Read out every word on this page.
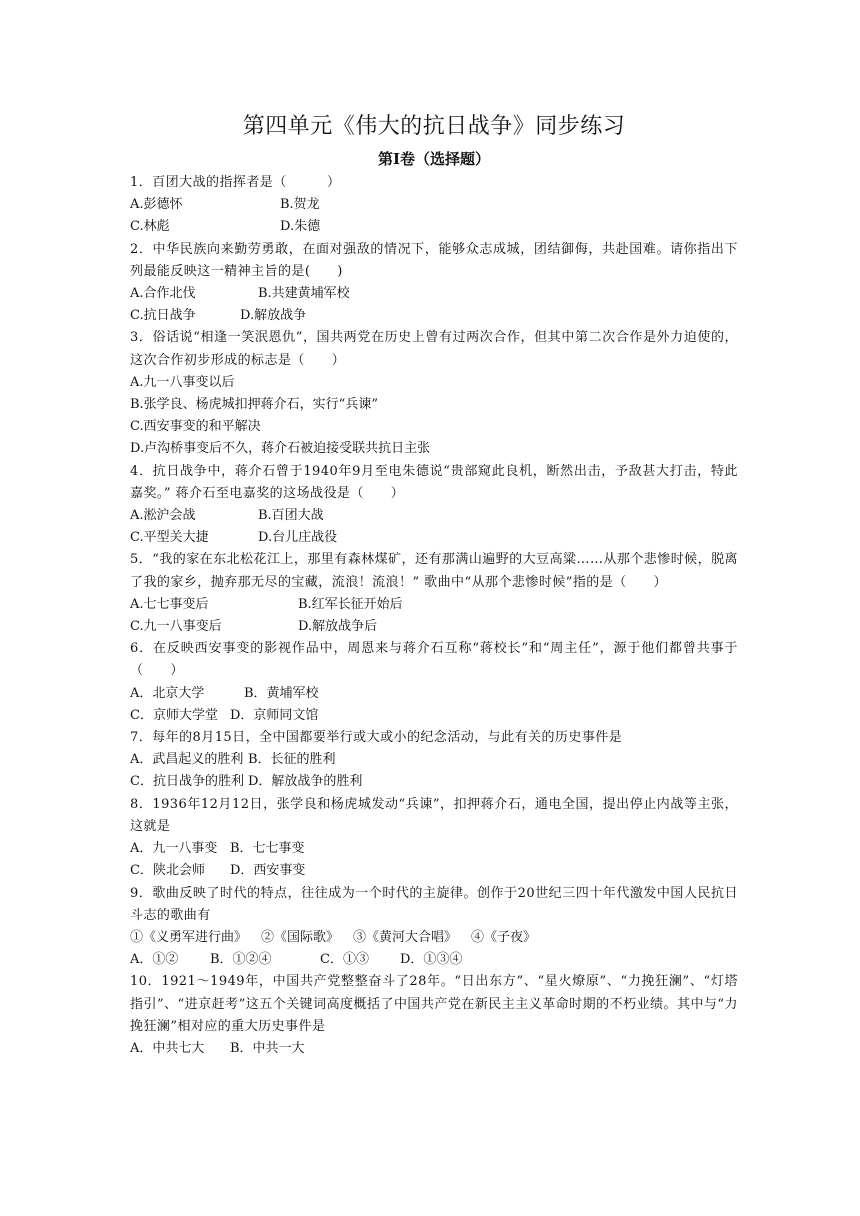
第四单元《伟大的抗日战争》同步练习
第Ⅰ卷（选择题）
1．百团大战的指挥者是（　　　）
A.彭德怀	B.贺龙
C.林彪	D.朱德
2．中华民族向来勤劳勇敢，在面对强敌的情况下，能够众志成城，团结御侮，共赴国难。请你指出下列最能反映这一精神主旨的是(　　)
A.合作北伐	B.共建黄埔军校
C.抗日战争	D.解放战争
3．俗话说“相逢一笑泯恩仇”，国共两党在历史上曾有过两次合作，但其中第二次合作是外力迫使的，这次合作初步形成的标志是（　　）
A.九一八事变以后
B.张学良、杨虎城扣押蒋介石，实行“兵谏”
C.西安事变的和平解决
D.卢沟桥事变后不久，蒋介石被迫接受联共抗日主张
4．抗日战争中，蒋介石曾于1940年9月至电朱德说“贵部窥此良机，断然出击，予敌甚大打击，特此嘉奖。” 蒋介石至电嘉奖的这场战役是（　　）
A.淞沪会战	B.百团大战
C.平型关大捷	D.台儿庄战役
5．“我的家在东北松花江上，那里有森林煤矿，还有那满山遍野的大豆高粱……从那个悲惨时候，脱离了我的家乡，抛弃那无尽的宝藏，流浪！流浪！” 歌曲中“从那个悲惨时候”指的是（　　）
A.七七事变后	B.红军长征开始后
C.九一八事变后	D.解放战争后
6．在反映西安事变的影视作品中，周恩来与蒋介石互称“蒋校长”和“周主任”，源于他们都曾共事于（　　）
A．北京大学	B．黄埔军校
C．京师大学堂 D．京师同文馆
7．每年的8月15日，全中国都要举行或大或小的纪念活动，与此有关的历史事件是
A．武昌起义的胜利 B．长征的胜利
C．抗日战争的胜利 D．解放战争的胜利
8．1936年12月12日，张学良和杨虎城发动“兵谏”，扣押蒋介石，通电全国，提出停止内战等主张，这就是
A．九一八事变 B．七七事变
C．陕北会师 D．西安事变
9．歌曲反映了时代的特点，往往成为一个时代的主旋律。创作于20世纪三四十年代激发中国人民抗日斗志的歌曲有
①《义勇军进行曲》 ②《国际歌》 ③《黄河大合唱》 ④《子夜》
A．①② B．①②④	C．①③ D．①③④
10．1921～1949年，中国共产党整整奋斗了28年。“日出东方”、“星火燎原”、“力挽狂澜”、“灯塔指引”、“进京赶考”这五个关键词高度概括了中国共产党在新民主主义革命时期的不朽业绩。其中与“力挽狂澜”相对应的重大历史事件是
A．中共七大 B．中共一大
